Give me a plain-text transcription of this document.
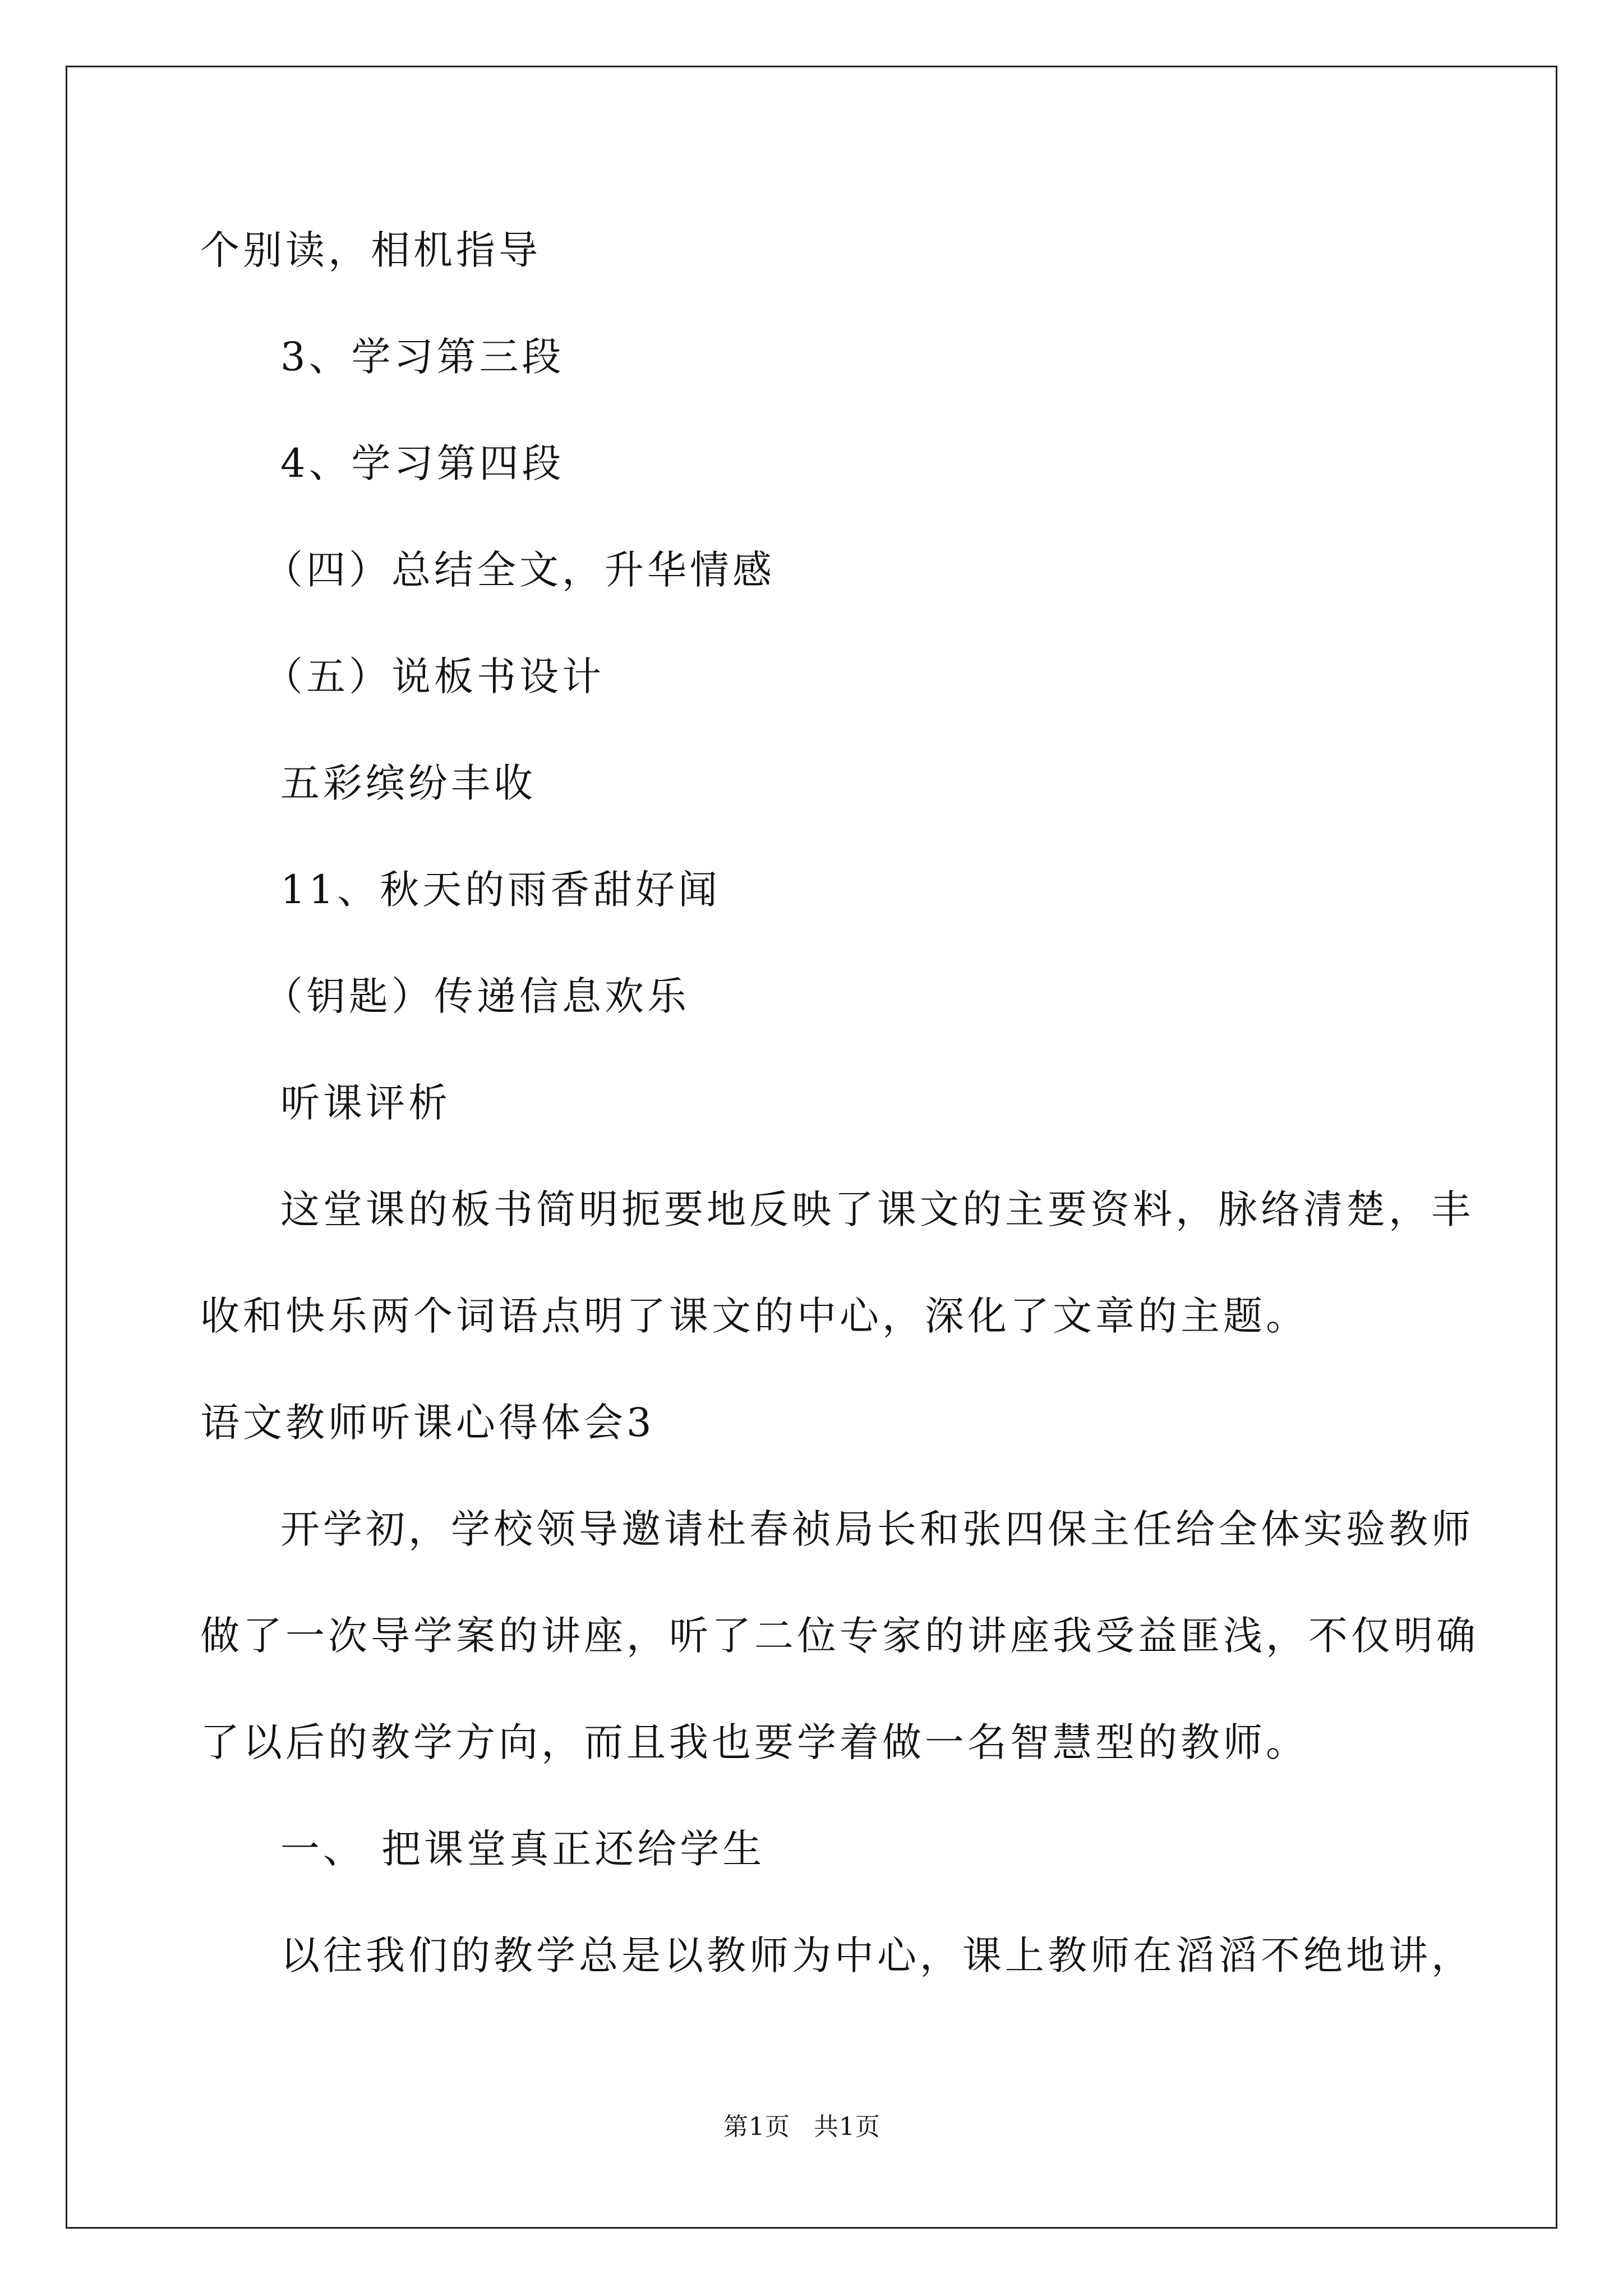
个别读，相机指导
3、学习第三段
4、学习第四段
（四）总结全文，升华情感
（五）说板书设计
五彩缤纷丰收
11、秋天的雨香甜好闻
（钥匙）传递信息欢乐
听课评析
这堂课的板书简明扼要地反映了课文的主要资料，脉络清楚，丰
收和快乐两个词语点明了课文的中心，深化了文章的主题。
语文教师听课心得体会3
开学初，学校领导邀请杜春祯局长和张四保主任给全体实验教师
做了一次导学案的讲座，听了二位专家的讲座我受益匪浅，不仅明确
了以后的教学方向，而且我也要学着做一名智慧型的教师。
一、 把课堂真正还给学生
以往我们的教学总是以教师为中心，课上教师在滔滔不绝地讲，
第1页 共1页
